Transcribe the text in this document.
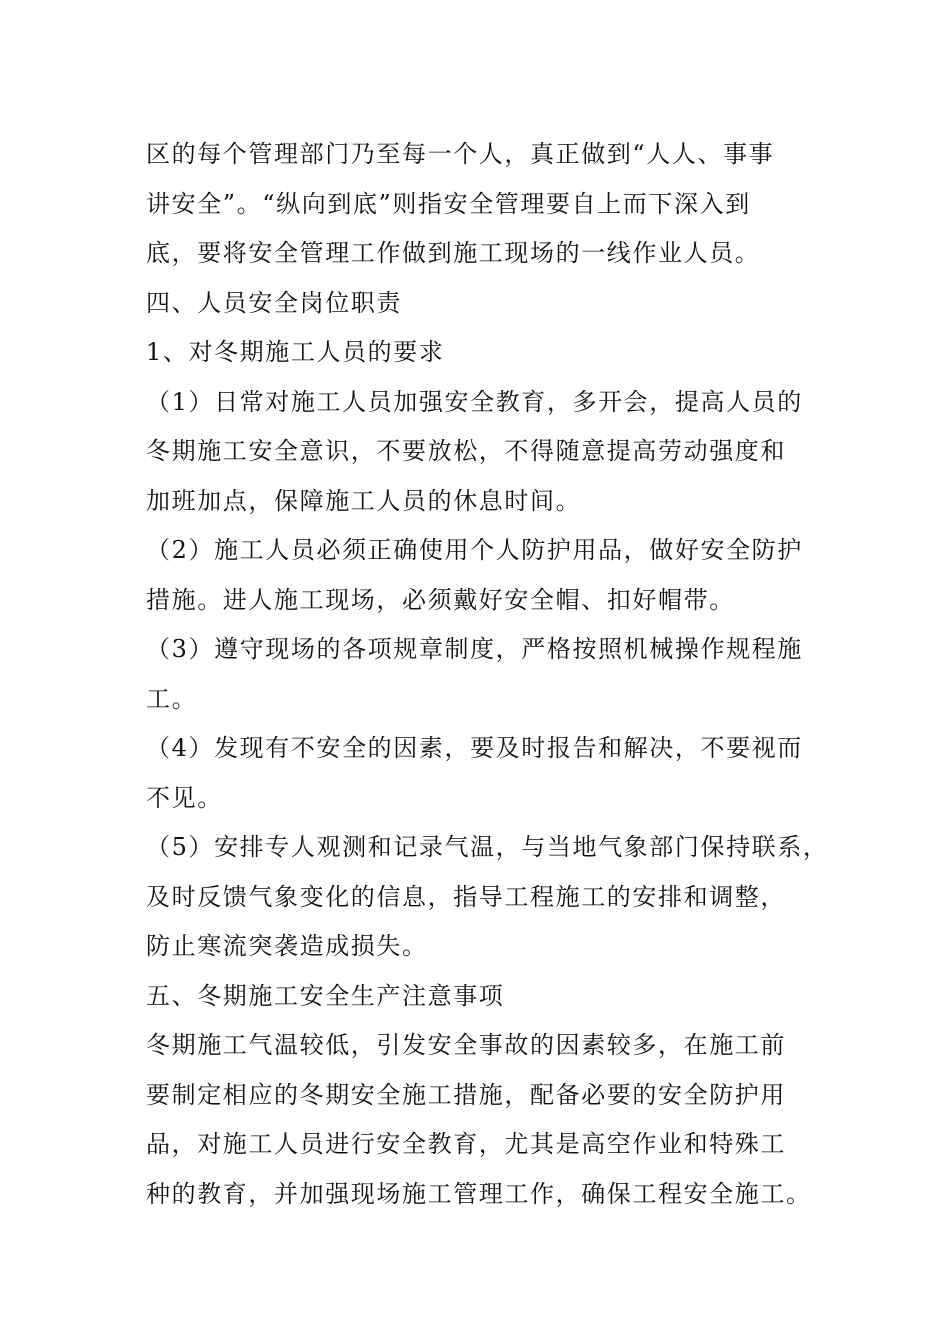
区的每个管理部门乃至每一个人，真正做到“人人、事事
讲安全”。“纵向到底”则指安全管理要自上而下深入到
底，要将安全管理工作做到施工现场的一线作业人员。
四、人员安全岗位职责
1、对冬期施工人员的要求
（1）日常对施工人员加强安全教育，多开会，提高人员的
冬期施工安全意识，不要放松，不得随意提高劳动强度和
加班加点，保障施工人员的休息时间。
（2）施工人员必须正确使用个人防护用品，做好安全防护
措施。进人施工现场，必须戴好安全帽、扣好帽带。
（3）遵守现场的各项规章制度，严格按照机械操作规程施
工。
（4）发现有不安全的因素，要及时报告和解决，不要视而
不见。
（5）安排专人观测和记录气温，与当地气象部门保持联系，
及时反馈气象变化的信息，指导工程施工的安排和调整，
防止寒流突袭造成损失。
五、冬期施工安全生产注意事项
冬期施工气温较低，引发安全事故的因素较多，在施工前
要制定相应的冬期安全施工措施，配备必要的安全防护用
品，对施工人员进行安全教育，尤其是高空作业和特殊工
种的教育，并加强现场施工管理工作，确保工程安全施工。
